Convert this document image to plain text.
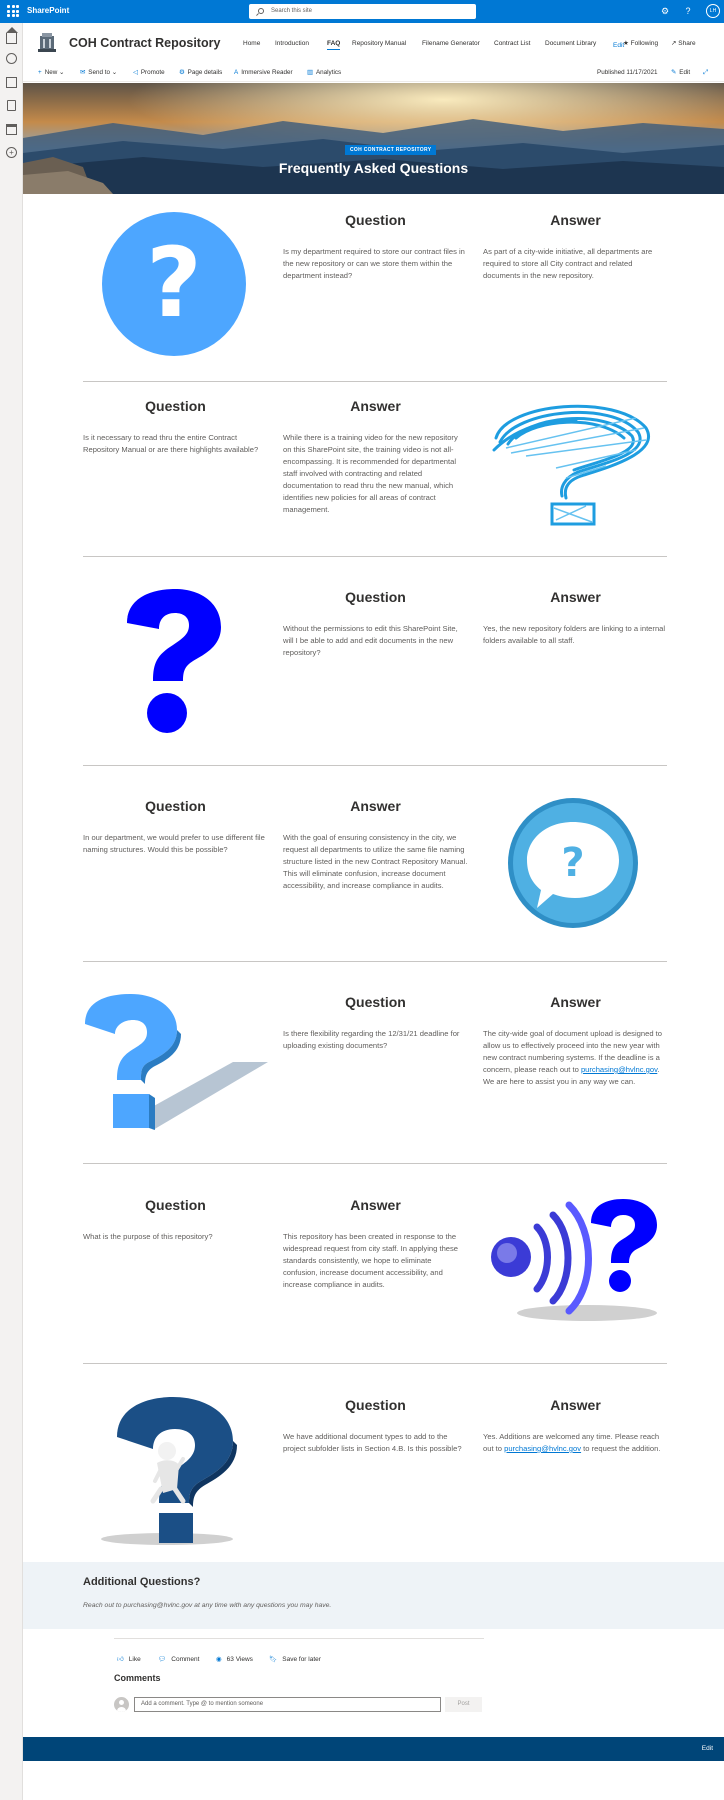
SharePoint	Search this site	⚙	?	LH
+
COH Contract Repository	Home Introduction	FAQ Repository Manual Filename Generator Contract List Document Library	Edit
★ Following ↗ Share
+ New ⌄ ✉ Send to ⌄	◁ Promote ⚙ Page details A Immersive Reader ▥ Analytics	Published 11/17/2021 ✎ Edit ⤢
COH CONTRACT REPOSITORY
Frequently Asked Questions
?
Question
Is my department required to store our contract files in the new repository or can we store them within the department instead?
Answer
As part of a city-wide initiative, all departments are required to store all City contract and related documents in the new repository.
Question
Is it necessary to read thru the entire Contract Repository Manual or are there highlights available?
Answer
While there is a training video for the new repository on this SharePoint site, the training video is not all-encompassing. It is recommended for departmental staff involved with contracting and related documentation to read thru the new manual, which identifies new policies for all areas of contract management.
Question
Without the permissions to edit this SharePoint Site, will I be able to add and edit documents in the new repository?
Answer
Yes, the new repository folders are linking to a internal folders available to all staff.
Question
In our department, we would prefer to use different file naming structures. Would this be possible?
Answer
With the goal of ensuring consistency in the city, we request all departments to utilize the same file naming structure listed in the new Contract Repository Manual. This will eliminate confusion, increase document accessibility, and increase compliance in audits.	?
Question
Is there flexibility regarding the 12/31/21 deadline for uploading existing documents?
Answer
The city-wide goal of document upload is designed to allow us to effectively proceed into the new year with new contract numbering systems. If the deadline is a concern, please reach out to purchasing@hvlnc.gov. We are here to assist you in any way we can.
Question
What is the purpose of this repository?
Answer
This repository has been created in response to the widespread request from city staff. In applying these standards consistently, we hope to eliminate confusion, increase document accessibility, and increase compliance in audits.
Question
We have additional document types to add to the project subfolder lists in Section 4.B. Is this possible?
Answer
Yes. Additions are welcomed any time. Please reach out to purchasing@hvlnc.gov to request the addition.
Additional Questions?
Reach out to purchasing@hvlnc.gov at any time with any questions you may have.
👍︎ Like	💬︎ Comment	◉ 63 Views 🔖︎ Save for later
Comments
Add a comment. Type @ to mention someone	Post
Edit
